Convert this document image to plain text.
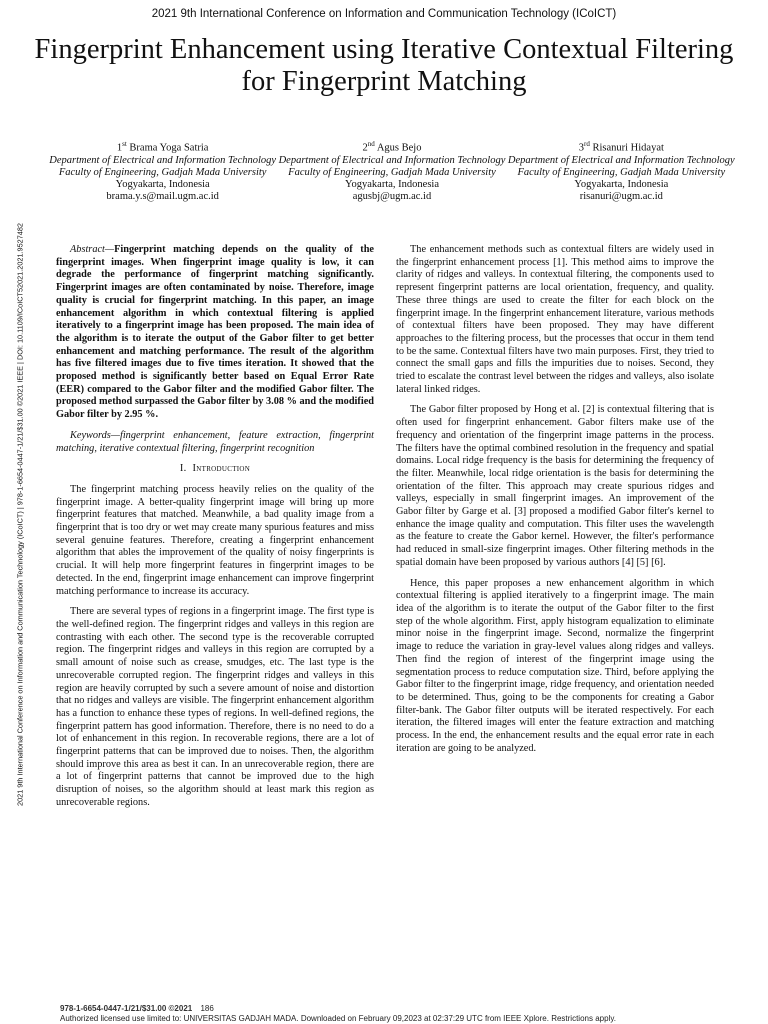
2021 9th International Conference on Information and Communication Technology (ICoICT)
Fingerprint Enhancement using Iterative Contextual Filtering for Fingerprint Matching
2021 9th International Conference on Information and Communication Technology (ICoICT) | 978-1-6654-0447-1/21/$31.00 ©2021 IEEE | DOI: 10.1109/ICoICT52021.2021.9527482
1st Brama Yoga Satria
Department of Electrical and Information Technology
Faculty of Engineering, Gadjah Mada University
Yogyakarta, Indonesia
brama.y.s@mail.ugm.ac.id
2nd Agus Bejo
Department of Electrical and Information Technology
Faculty of Engineering, Gadjah Mada University
Yogyakarta, Indonesia
agusbj@ugm.ac.id
3rd Risanuri Hidayat
Department of Electrical and Information Technology
Faculty of Engineering, Gadjah Mada University
Yogyakarta, Indonesia
risanuri@ugm.ac.id

Abstract—Fingerprint matching depends on the quality of the fingerprint images. When fingerprint image quality is low, it can degrade the performance of fingerprint matching significantly. Fingerprint images are often contaminated by noise. Therefore, image quality is crucial for fingerprint matching. In this paper, an image enhancement algorithm in which contextual filtering is applied iteratively to a fingerprint image has been proposed. The main idea of the algorithm is to iterate the output of the Gabor filter to get better enhancement and matching performance. The result of the algorithm has five filtered images due to five times iteration. It showed that the proposed method is significantly better based on Equal Error Rate (EER) compared to the Gabor filter and the modified Gabor filter. The proposed method surpassed the Gabor filter by 3.08 % and the modified Gabor filter by 2.95 %.

Keywords—fingerprint enhancement, feature extraction, fingerprint matching, iterative contextual filtering, fingerprint recognition

I. Introduction

The fingerprint matching process heavily relies on the quality of the fingerprint image. A better-quality fingerprint image will bring up more fingerprint features that matched. Meanwhile, a bad quality image from a fingerprint that is too dry or wet may create many spurious features and miss several genuine features. Therefore, creating a fingerprint enhancement algorithm that ables the improvement of the quality of noisy fingerprints is crucial. It will help more fingerprint features in fingerprint images to be detected. In the end, fingerprint image enhancement can improve fingerprint matching performance to increase its accuracy.

There are several types of regions in a fingerprint image. The first type is the well-defined region. The fingerprint ridges and valleys in this region are contrasting with each other. The second type is the recoverable corrupted region. The fingerprint ridges and valleys in this region are corrupted by a small amount of noise such as crease, smudges, etc. The last type is the unrecoverable corrupted region. The fingerprint ridges and valleys in this region are heavily corrupted by such a severe amount of noise and distortion that no ridges and valleys are visible. The fingerprint enhancement algorithm has a function to enhance these types of regions. In well-defined regions, the fingerprint pattern has good information. Therefore, there is no need to do a lot of enhancement in this region. In recoverable regions, there are a lot of fingerprint patterns that can be improved due to noises. Then, the algorithm should improve this area as best it can. In an unrecoverable region, there are a lot of fingerprint patterns that cannot be improved due to the high disruption of noises, so the algorithm should at least mark this region as unrecoverable regions.

The enhancement methods such as contextual filters are widely used in the fingerprint enhancement process [1]. This method aims to improve the clarity of ridges and valleys. In contextual filtering, the components used to represent fingerprint patterns are local orientation, frequency, and quality. These three things are used to create the filter for each block on the fingerprint image. In the fingerprint enhancement literature, various methods of contextual filters have been proposed. They may have different approaches to the filtering process, but the processes that occur in them tend to be the same. Contextual filters have two main purposes. First, they tried to connect the small gaps and fills the impurities due to noises. Second, they tried to escalate the contrast level between the ridges and valleys, also isolate lateral linked ridges.

The Gabor filter proposed by Hong et al. [2] is contextual filtering that is often used for fingerprint enhancement. Gabor filters make use of the frequency and orientation of the fingerprint image patterns in the process. The filters have the optimal combined resolution in the frequency and spatial domains. Local ridge frequency is the basis for determining the frequency of the filter. Meanwhile, local ridge orientation is the basis for determining the orientation of the filter. This approach may create spurious ridges and valleys, especially in small fingerprint images. An improvement of the Gabor filter by Garge et al. [3] proposed a modified Gabor filter's kernel to enhance the image quality and computation. This filter uses the wavelength as the feature to create the Gabor kernel. However, the filter's performance had reduced in small-size fingerprint images. Other filtering methods in the spatial domain have been proposed by various authors [4] [5] [6].

Hence, this paper proposes a new enhancement algorithm in which contextual filtering is applied iteratively to a fingerprint image. The main idea of the algorithm is to iterate the output of the Gabor filter to the first step of the whole algorithm. First, apply histogram equalization to eliminate minor noise in the fingerprint image. Second, normalize the fingerprint image to reduce the variation in gray-level values along ridges and valleys. Then find the region of interest of the fingerprint image using the segmentation process to reduce computation size. Third, before applying the Gabor filter to the fingerprint image, ridge frequency, and orientation needed to be determined. Thus, going to be the components for creating a Gabor filter-bank. The Gabor filter outputs will be iterated respectively. For each iteration, the filtered images will enter the feature extraction and matching process. In the end, the enhancement results and the equal error rate in each iteration are going to be analyzed.

978-1-6654-0447-1/21/$31.00 ©2021 186
Authorized licensed use limited to: UNIVERSITAS GADJAH MADA. Downloaded on February 09,2023 at 02:37:29 UTC from IEEE Xplore. Restrictions apply.
